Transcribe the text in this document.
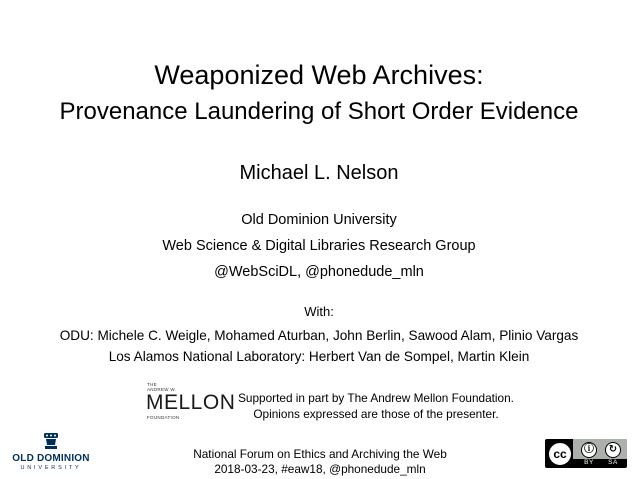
Weaponized Web Archives:
Provenance Laundering of Short Order Evidence
Michael L. Nelson
Old Dominion University
Web Science & Digital Libraries Research Group
@WebSciDL, @phonedude_mln
With:
ODU: Michele C. Weigle, Mohamed Aturban, John Berlin, Sawood Alam, Plinio Vargas
Los Alamos National Laboratory: Herbert Van de Sompel, Martin Klein
THE ANDREW W.
MELLON
FOUNDATION
Supported in part by The Andrew Mellon Foundation.
Opinions expressed are those of the presenter.
OLD DOMINION
UNIVERSITY
National Forum on Ethics and Archiving the Web
2018-03-23, #eaw18, @phonedude_mln
cc	ⓘ	↻
BY	SA
